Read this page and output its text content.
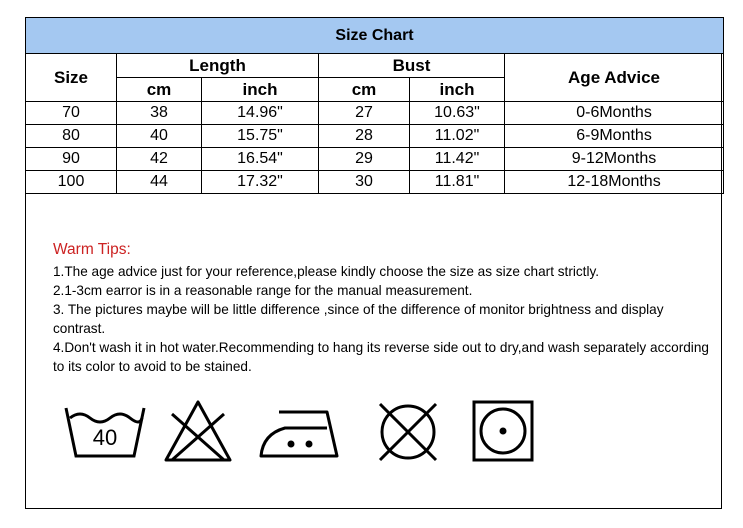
Size Chart					
Size	Length		Bust		Age Advice
	cm	inch	cm	inch	
70	38	14.96"	27	10.63"	0-6Months
80	40	15.75"	28	11.02"	6-9Months
90	42	16.54"	29	11.42"	9-12Months
100	44	17.32"	30	11.81"	12-18Months
Warm Tips:
1.The age advice just for your reference,please kindly choose the size as size chart strictly.
2.1-3cm earror is in a reasonable range for the manual measurement.
3. The pictures maybe will be little difference ,since of the difference of monitor brightness and display contrast.
4.Don't wash it in hot water.Recommending to hang its reverse side out to dry,and wash separately according to its color to avoid to be stained.
40
